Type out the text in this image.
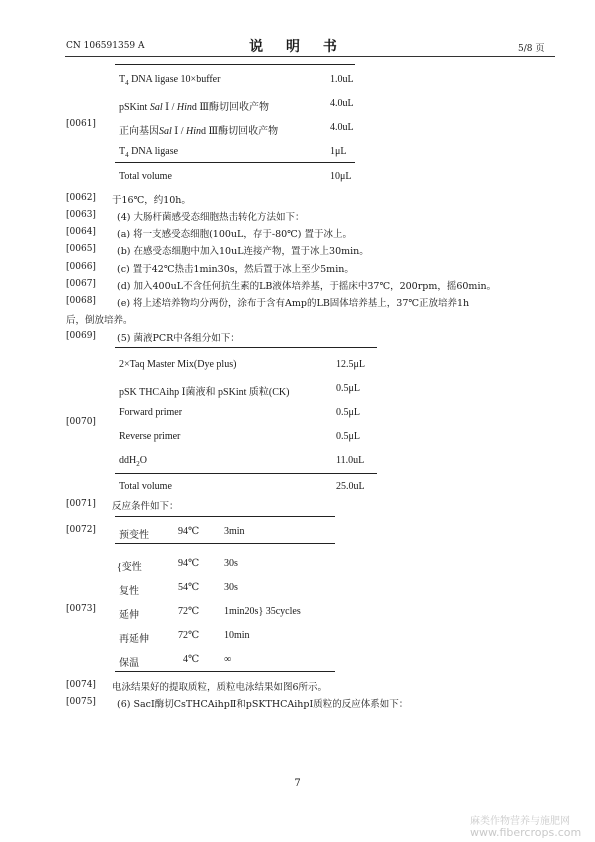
CN 106591359 A	说 明 书	5/8 页
[0061]
$T_4$ DNA ligase 10×buffer	1.0uL
pSKint Sal Ⅰ / Hind Ⅲ酶切回收产物	4.0uL
正向基因Sal Ⅰ / Hind Ⅲ酶切回收产物	4.0uL
$T_4$ DNA ligase	1μL
Total volume	10μL
[0062] 于16℃，约10h。
[0063] (4) 大肠杆菌感受态细胞热击转化方法如下：
[0064] (a) 将一支感受态细胞(100uL，存于-80℃) 置于冰上。
[0065] (b) 在感受态细胞中加入10uL连接产物，置于冰上30min。
[0066] (c) 置于42℃热击1min30s，然后置于冰上至少5min。
[0067] (d) 加入400uL不含任何抗生素的LB液体培养基，于摇床中37℃，200rpm，摇60min。
[0068] (e) 将上述培养物均分两份，涂布于含有Amp的LB固体培养基上，37℃正放培养1h
后，倒放培养。
[0069] (5) 菌液PCR中各组分如下：
[0070]
2×Taq Master Mix(Dye plus)	12.5μL
pSK THCAihp Ⅰ菌液和 pSKint 质粒(CK)	0.5μL
Forward primer	0.5μL
Reverse primer	0.5μL
ddH$_2$O	11.0uL
Total volume	25.0uL
[0071] 反应条件如下：
[0072] 预变性	94℃ 3min
[0073]
{变性	94℃ 30s
复性	54℃ 30s
延伸	72℃ 1min20s} 35cycles
再延伸	72℃ 10min
保温	4℃ ∞
[0074] 电泳结果好的提取质粒，质粒电泳结果如图6所示。
[0075] (6) SacⅠ酶切CsTHCAihpⅡ和pSKTHCAihpⅠ质粒的反应体系如下：
7
麻类作物营养与施肥网
www.fibercrops.com
